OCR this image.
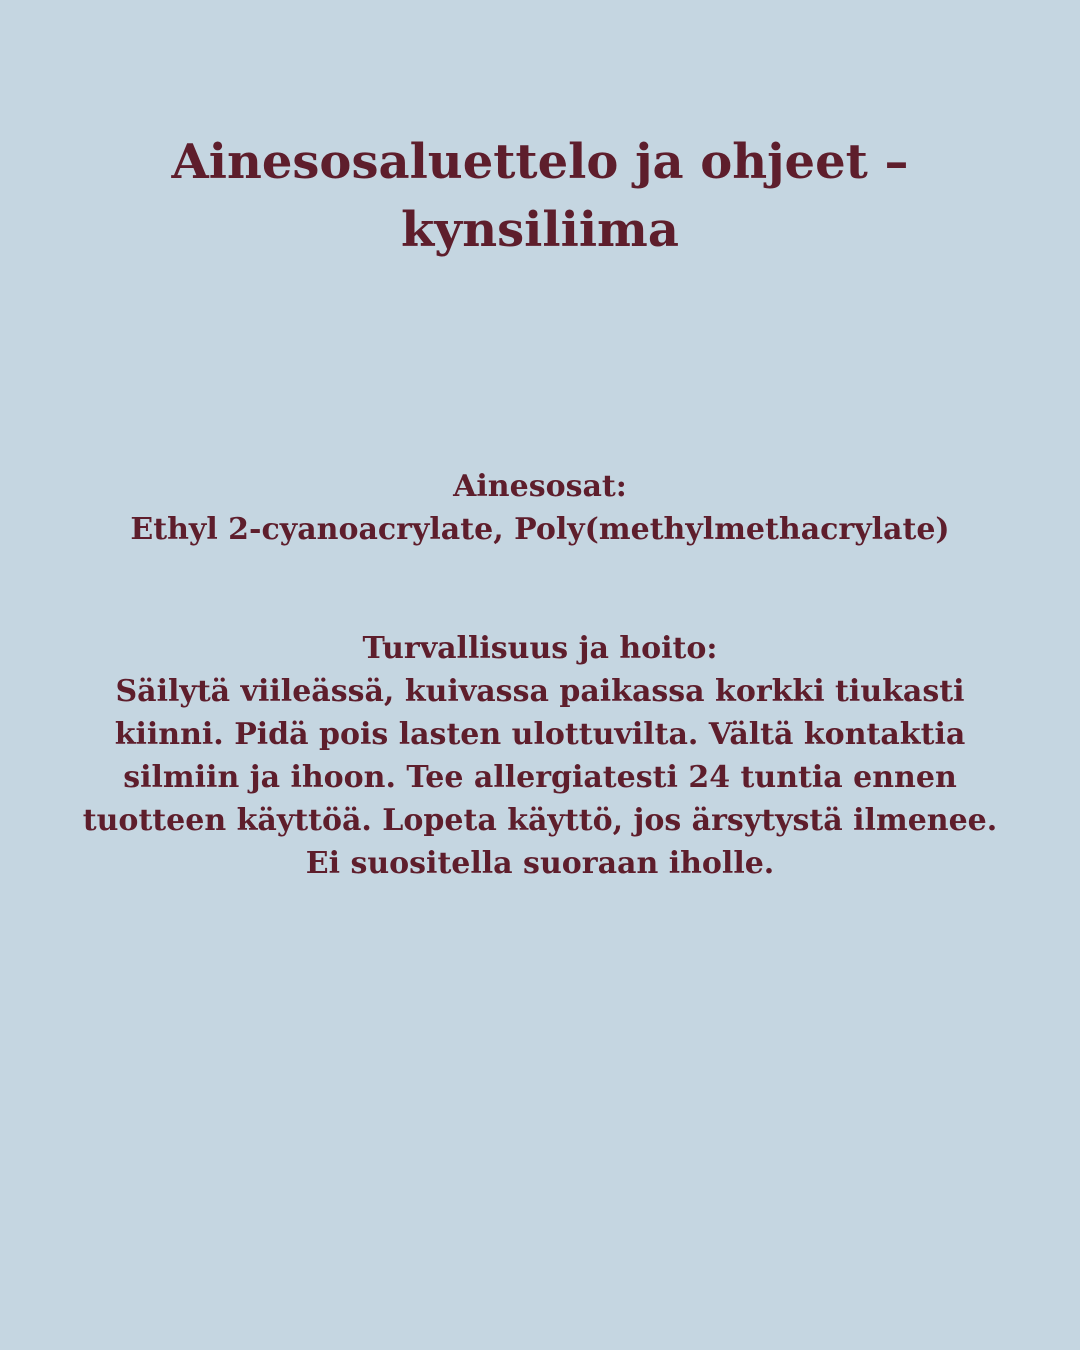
Ainesosaluettelo ja ohjeet –
kynsiliima
Ainesosat:
Ethyl 2-cyanoacrylate, Poly(methylmethacrylate)
Turvallisuus ja hoito:
Säilytä viileässä, kuivassa paikassa korkki tiukasti
kiinni. Pidä pois lasten ulottuvilta. Vältä kontaktia
silmiin ja ihoon. Tee allergiatesti 24 tuntia ennen
tuotteen käyttöä. Lopeta käyttö, jos ärsytystä ilmenee.
Ei suositella suoraan iholle.
